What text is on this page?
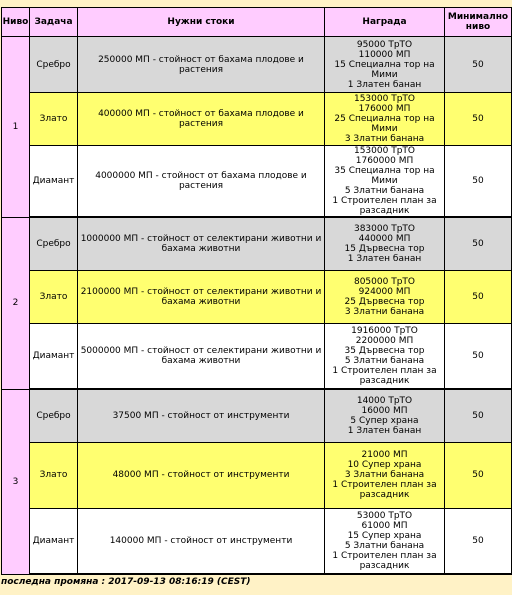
Ниво	Задача	Нужни стоки	Награда	Минимално ниво
1	Сребро	250000 МП - стойност от бахама плодове и растения	95000 ТрТО
110000 МП
15 Специална тор на Мими
1 Златен банан	50
	Злато	400000 МП - стойност от бахама плодове и растения	153000 ТрТО
176000 МП
25 Специална тор на Мими
3 Златни банана	50
	Диамант	4000000 МП - стойност от бахама плодове и растения	153000 ТрТО
1760000 МП
35 Специална тор на Мими
5 Златни банана
1 Строителен план за разсадник	50
2	Сребро	1000000 МП - стойност от селектирани животни и бахама животни	383000 ТрТО
440000 МП
15 Дървесна тор
1 Златен банан	50
	Злато	2100000 МП - стойност от селектирани животни и бахама животни	805000 ТрТО
924000 МП
25 Дървесна тор
3 Златни банана	50
	Диамант	5000000 МП - стойност от селектирани животни и бахама животни	1916000 ТрТО
2200000 МП
35 Дървесна тор
5 Златни банана
1 Строителен план за разсадник	50
3	Сребро	37500 МП - стойност от инструменти	14000 ТрТО
16000 МП
5 Супер храна
1 Златен банан	50
	Злато	48000 МП - стойност от инструменти	21000 МП
10 Супер храна
3 Златни банана
1 Строителен план за разсадник	50
	Диамант	140000 МП - стойност от инструменти	53000 ТрТО
61000 МП
15 Супер храна
5 Златни банана
1 Строителен план за разсадник	50
последна промяна : 2017-09-13 08:16:19 (CEST)
